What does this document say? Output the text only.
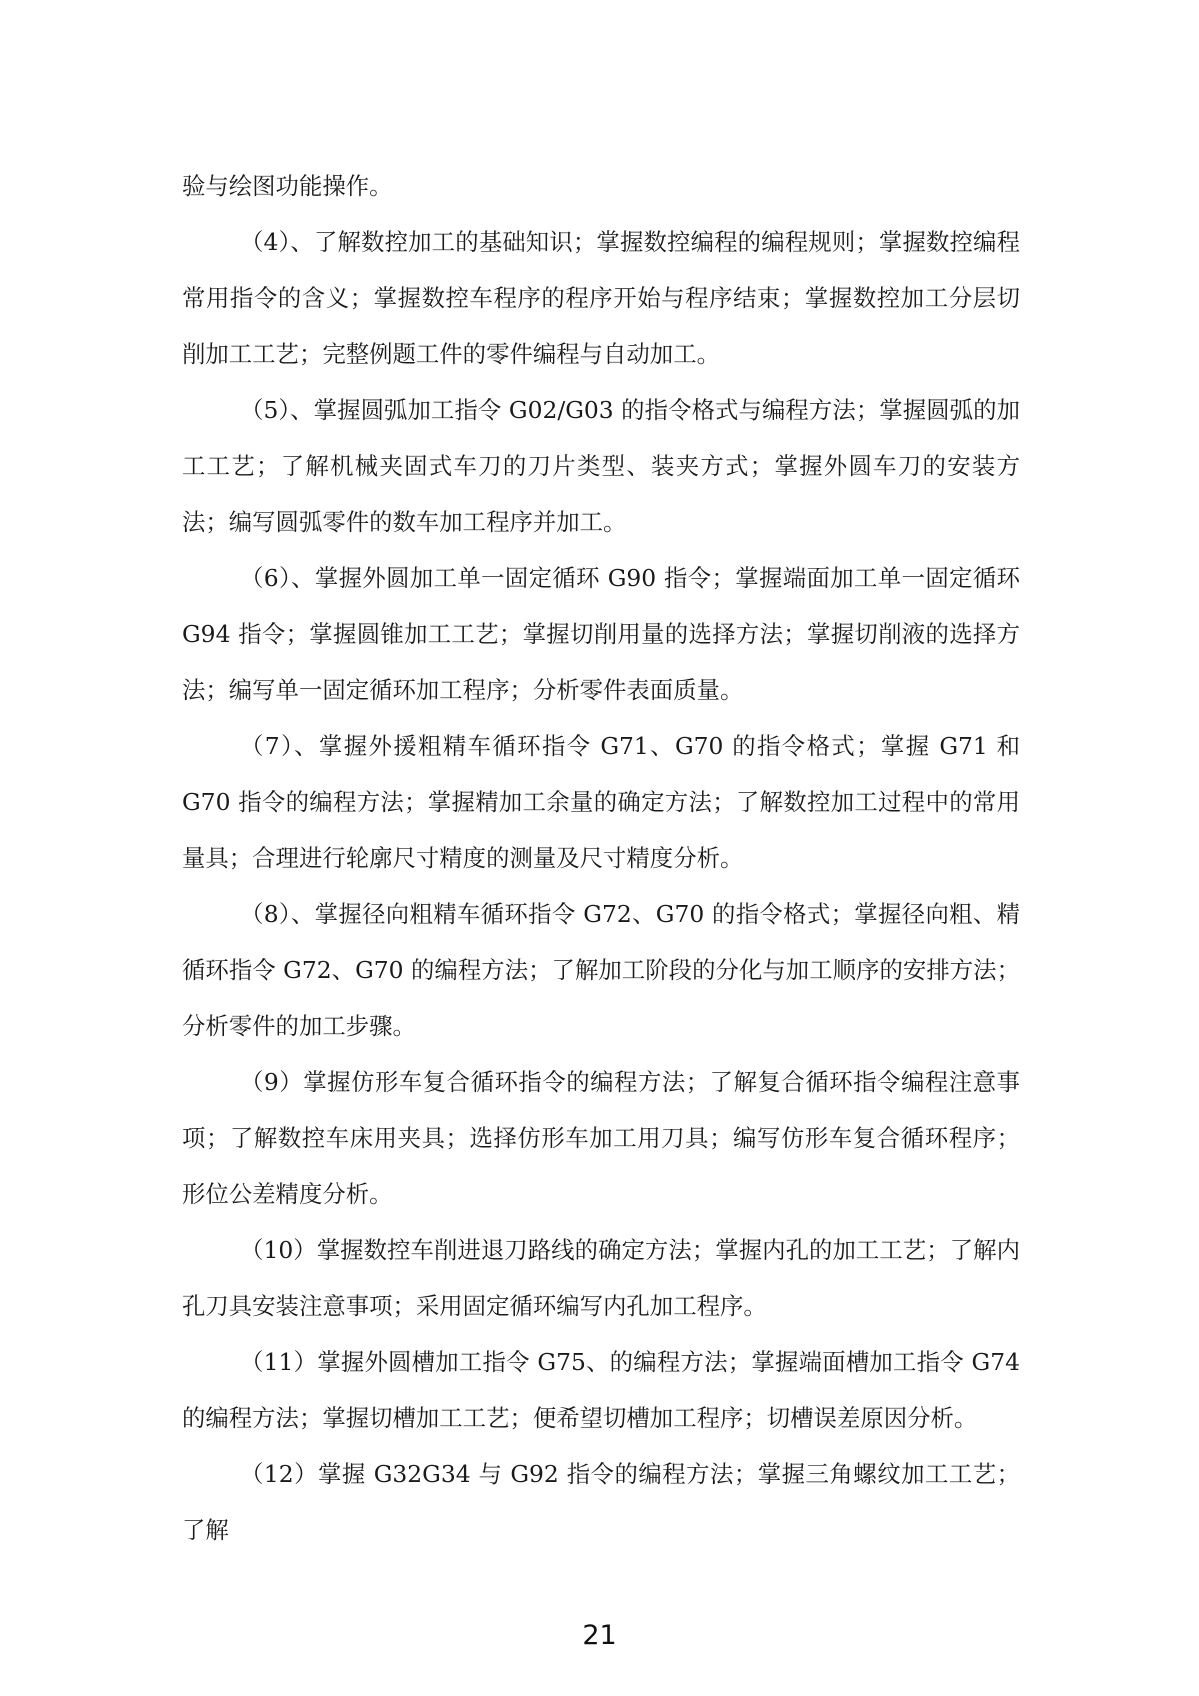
验与绘图功能操作。

（4）、了解数控加工的基础知识；掌握数控编程的编程规则；掌握数控编程常用指令的含义；掌握数控车程序的程序开始与程序结束；掌握数控加工分层切削加工工艺；完整例题工件的零件编程与自动加工。

（5）、掌握圆弧加工指令 G02/G03 的指令格式与编程方法；掌握圆弧的加工工艺；了解机械夹固式车刀的刀片类型、装夹方式；掌握外圆车刀的安装方法；编写圆弧零件的数车加工程序并加工。

（6）、掌握外圆加工单一固定循环 G90 指令；掌握端面加工单一固定循环G94 指令；掌握圆锥加工工艺；掌握切削用量的选择方法；掌握切削液的选择方法；编写单一固定循环加工程序；分析零件表面质量。

（7）、掌握外援粗精车循环指令 G71、G70 的指令格式；掌握 G71 和 G70 指令的编程方法；掌握精加工余量的确定方法；了解数控加工过程中的常用量具；合理进行轮廓尺寸精度的测量及尺寸精度分析。

（8）、掌握径向粗精车循环指令 G72、G70 的指令格式；掌握径向粗、精循环指令 G72、G70 的编程方法；了解加工阶段的分化与加工顺序的安排方法；分析零件的加工步骤。

（9）掌握仿形车复合循环指令的编程方法；了解复合循环指令编程注意事项；了解数控车床用夹具；选择仿形车加工用刀具；编写仿形车复合循环程序；形位公差精度分析。

（10）掌握数控车削进退刀路线的确定方法；掌握内孔的加工工艺；了解内孔刀具安装注意事项；采用固定循环编写内孔加工程序。

（11）掌握外圆槽加工指令 G75、的编程方法；掌握端面槽加工指令 G74 的编程方法；掌握切槽加工工艺；便希望切槽加工程序；切槽误差原因分析。

（12）掌握 G32G34 与 G92 指令的编程方法；掌握三角螺纹加工工艺；了解

21
